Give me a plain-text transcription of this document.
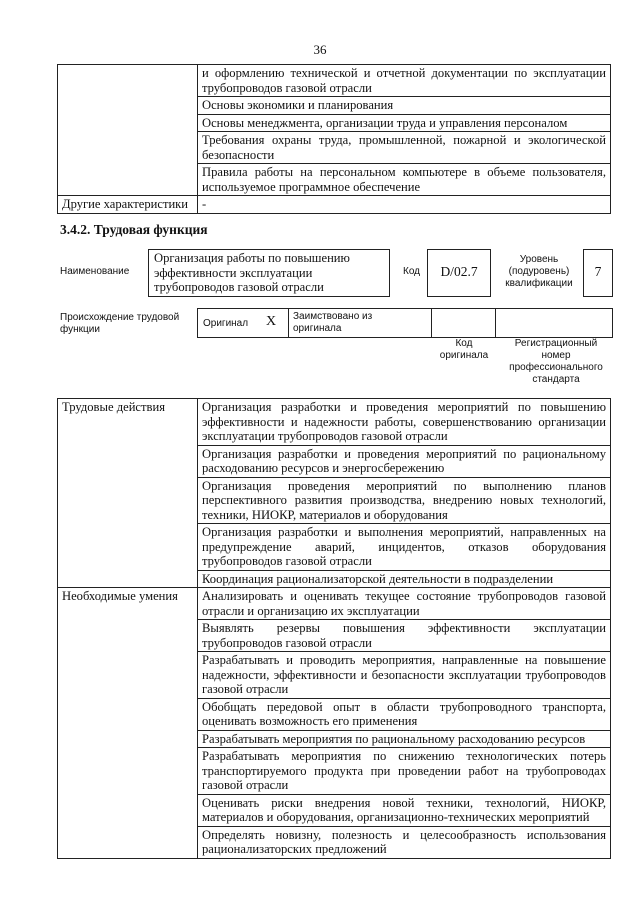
36
	и оформлению технической и отчетной документации по эксплуатации трубопроводов газовой отрасли
	Основы экономики и планирования
	Основы менеджмента, организации труда и управления персоналом
	Требования охраны труда, промышленной, пожарной и экологической безопасности
	Правила работы на персональном компьютере в объеме пользователя, используемое программное обеспечение
Другие характеристики	-
3.4.2. Трудовая функция
Наименование
Организация работы по повышению эффективности эксплуатации трубопроводов газовой отрасли
Код	D/02.7
Уровень (подуровень) квалификации
7
Происхождение трудовой функции
Оригинал X Заимствовано из оригинала
Код оригинала
Регистрационный номер профессионального стандарта
Трудовые действия	Организация разработки и проведения мероприятий по повышению эффективности и надежности работы, совершенствованию организации эксплуатации трубопроводов газовой отрасли
	Организация разработки и проведения мероприятий по рациональному расходованию ресурсов и энергосбережению
	Организация проведения мероприятий по выполнению планов перспективного развития производства, внедрению новых технологий, техники, НИОКР, материалов и оборудования
	Организация разработки и выполнения мероприятий, направленных на предупреждение аварий, инцидентов, отказов оборудования трубопроводов газовой отрасли
	Координация рационализаторской деятельности в подразделении
Необходимые умения	Анализировать и оценивать текущее состояние трубопроводов газовой отрасли и организацию их эксплуатации
	Выявлять резервы повышения эффективности эксплуатации трубопроводов газовой отрасли
	Разрабатывать и проводить мероприятия, направленные на повышение надежности, эффективности и безопасности эксплуатации трубопроводов газовой отрасли
	Обобщать передовой опыт в области трубопроводного транспорта, оценивать возможность его применения
	Разрабатывать мероприятия по рациональному расходованию ресурсов
	Разрабатывать мероприятия по снижению технологических потерь транспортируемого продукта при проведении работ на трубопроводах газовой отрасли
	Оценивать риски внедрения новой техники, технологий, НИОКР, материалов и оборудования, организационно-технических мероприятий
	Определять новизну, полезность и целесообразность использования рационализаторских предложений
